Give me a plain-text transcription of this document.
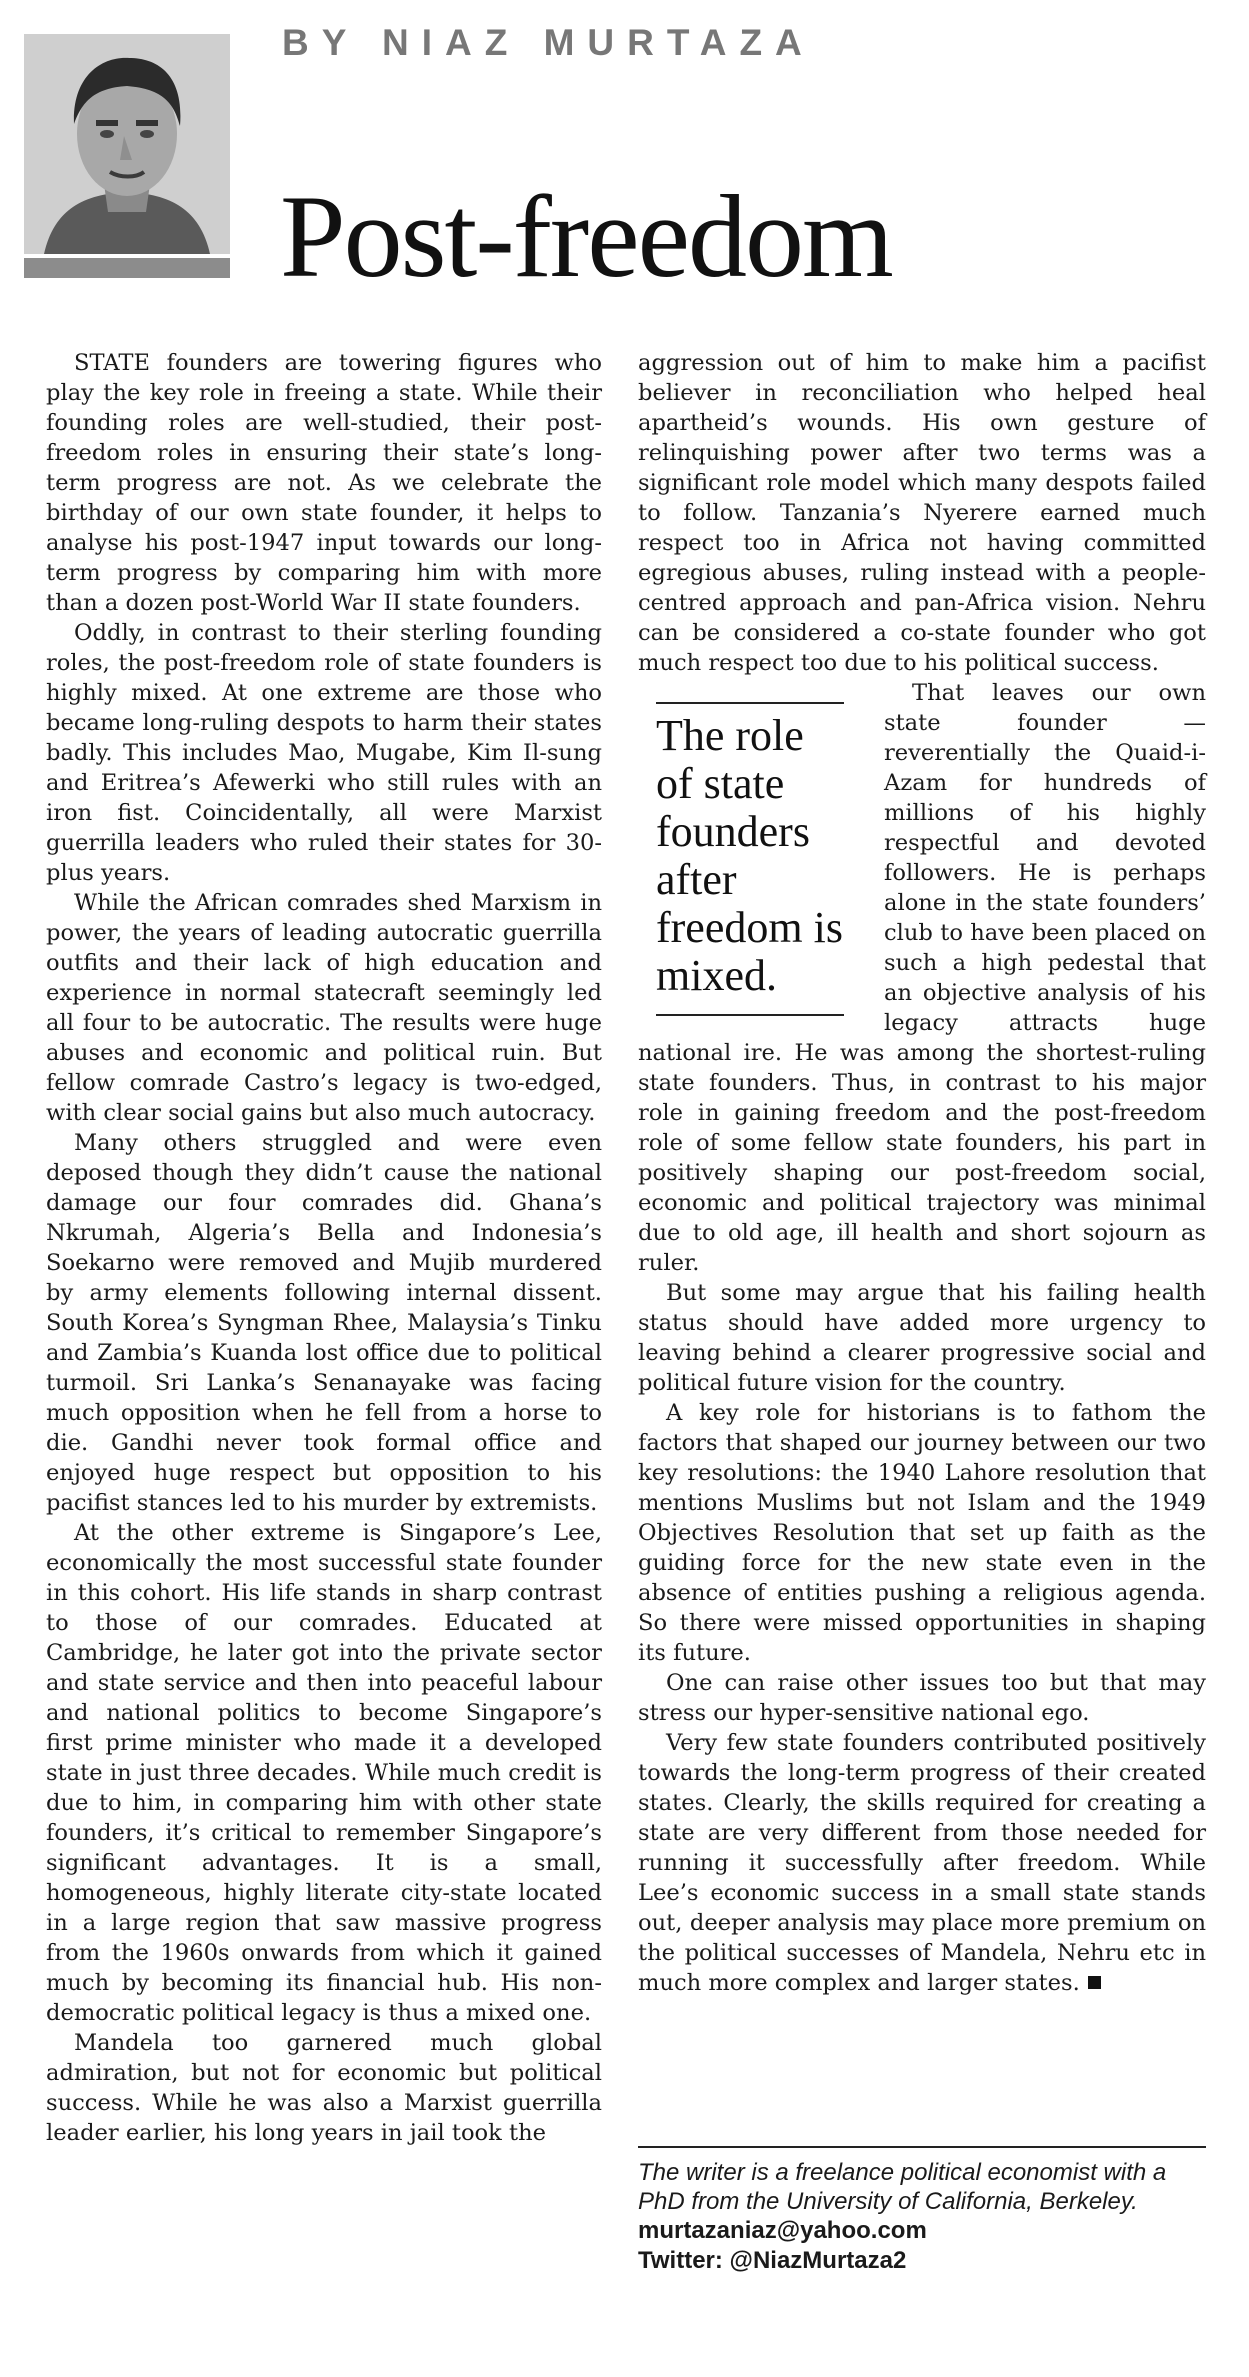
BY NIAZ MURTAZA
Post-freedom

STATE founders are towering figures who play the key role in freeing a state. While their founding roles are well-studied, their post-freedom roles in ensuring their state’s long-term progress are not. As we celebrate the birthday of our own state founder, it helps to analyse his post-1947 input towards our long-term progress by comparing him with more than a dozen post-World War II state founders.

Oddly, in contrast to their sterling founding roles, the post-freedom role of state founders is highly mixed. At one extreme are those who became long-ruling despots to harm their states badly. This includes Mao, Mugabe, Kim Il-sung and Eritrea’s Afewerki who still rules with an iron fist. Coincidentally, all were Marxist guerrilla leaders who ruled their states for 30-plus years.

While the African comrades shed Marxism in power, the years of leading autocratic guerrilla outfits and their lack of high education and experience in normal statecraft seemingly led all four to be autocratic. The results were huge abuses and economic and political ruin. But fellow comrade Castro’s legacy is two-edged, with clear social gains but also much autocracy.

Many others struggled and were even deposed though they didn’t cause the national damage our four comrades did. Ghana’s Nkrumah, Algeria’s Bella and Indonesia’s Soekarno were removed and Mujib murdered by army elements following internal dissent. South Korea’s Syngman Rhee, Malaysia’s Tinku and Zambia’s Kuanda lost office due to political turmoil. Sri Lanka’s Senanayake was facing much opposition when he fell from a horse to die. Gandhi never took formal office and enjoyed huge respect but opposition to his pacifist stances led to his murder by extremists.

At the other extreme is Singapore’s Lee, economically the most successful state founder in this cohort. His life stands in sharp contrast to those of our comrades. Educated at Cambridge, he later got into the private sector and state service and then into peaceful labour and national politics to become Singapore’s first prime minister who made it a developed state in just three decades. While much credit is due to him, in comparing him with other state founders, it’s critical to remember Singapore’s significant advantages. It is a small, homogeneous, highly literate city-state located in a large region that saw massive progress from the 1960s onwards from which it gained much by becoming its financial hub. His non-democratic political legacy is thus a mixed one.

Mandela too garnered much global admiration, but not for economic but political success. While he was also a Marxist guerrilla leader earlier, his long years in jail took the

aggression out of him to make him a pacifist believer in reconciliation who helped heal apartheid’s wounds. His own gesture of relinquishing power after two terms was a significant role model which many despots failed to follow. Tanzania’s Nyerere earned much respect too in Africa not having committed egregious abuses, ruling instead with a people-centred approach and pan-Africa vision. Nehru can be considered a co-state founder who got much respect too due to his political success.

The role of state founders after freedom is mixed.

That leaves our own state founder — reverentially the Quaid-i-Azam for hundreds of millions of his highly respectful and devoted followers. He is perhaps alone in the state founders’ club to have been placed on such a high pedestal that an objective analysis of his legacy attracts huge national ire. He was among the shortest-ruling state founders. Thus, in contrast to his major role in gaining freedom and the post-freedom role of some fellow state founders, his part in positively shaping our post-freedom social, economic and political trajectory was minimal due to old age, ill health and short sojourn as ruler.

But some may argue that his failing health status should have added more urgency to leaving behind a clearer progressive social and political future vision for the country.

A key role for historians is to fathom the factors that shaped our journey between our two key resolutions: the 1940 Lahore resolution that mentions Muslims but not Islam and the 1949 Objectives Resolution that set up faith as the guiding force for the new state even in the absence of entities pushing a religious agenda. So there were missed opportunities in shaping its future.

One can raise other issues too but that may stress our hyper-sensitive national ego.

Very few state founders contributed positively towards the long-term progress of their created states. Clearly, the skills required for creating a state are very different from those needed for running it successfully after freedom. While Lee’s economic success in a small state stands out, deeper analysis may place more premium on the political successes of Mandela, Nehru etc in much more complex and larger states.

The writer is a freelance political economist with a PhD from the University of California, Berkeley.
murtazaniaz@yahoo.com
Twitter: @NiazMurtaza2
